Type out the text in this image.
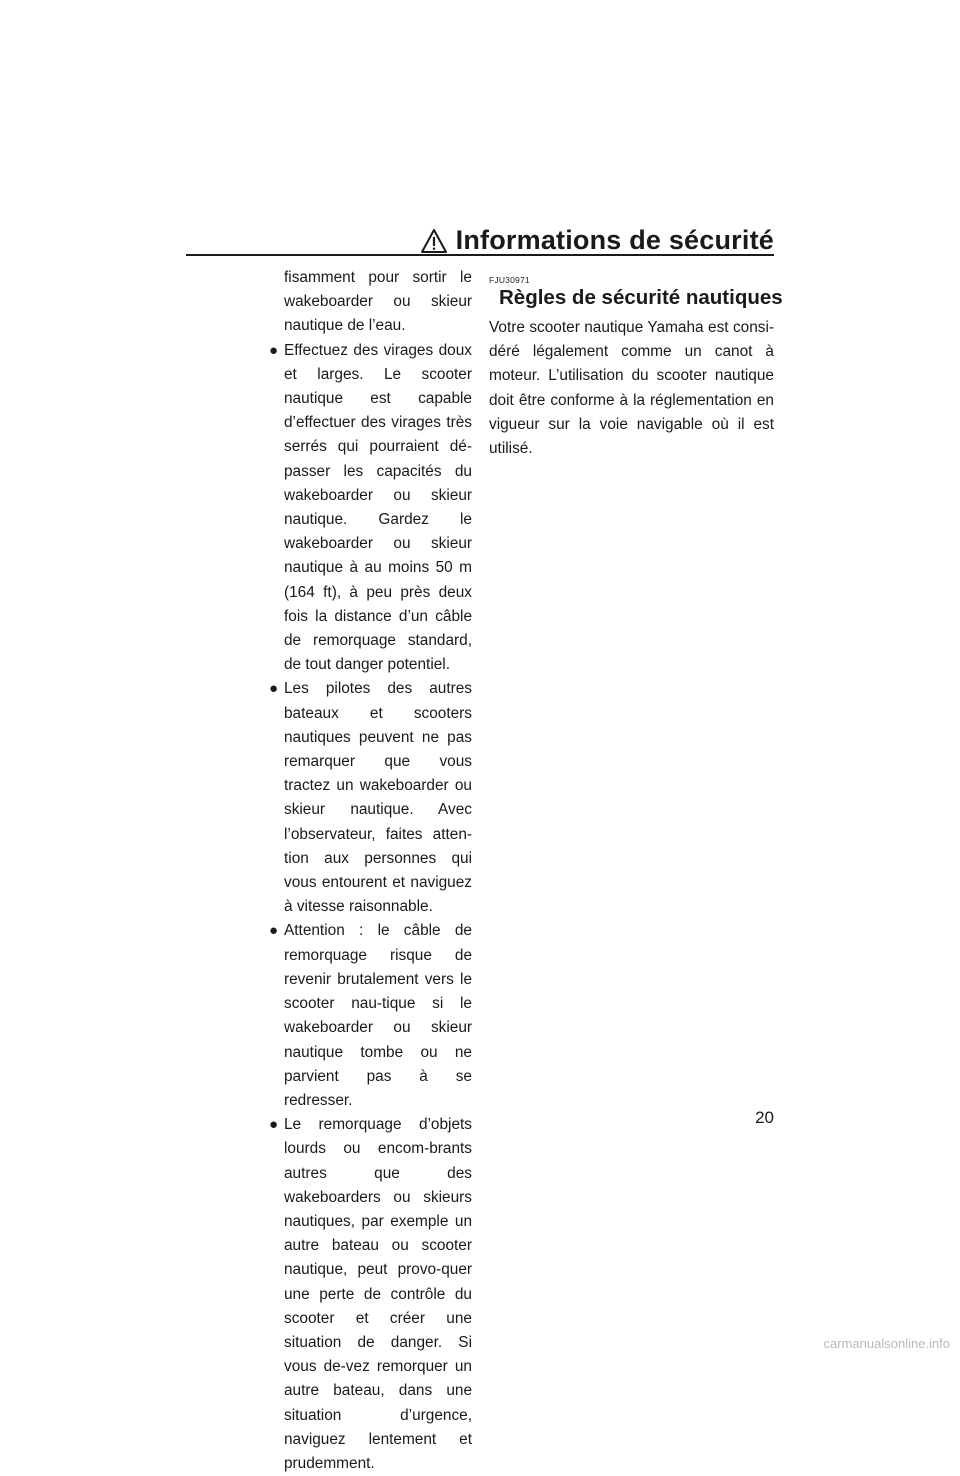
Informations de sécurité

fisamment pour sortir le wakeboarder ou skieur nautique de l’eau.

● Effectuez des virages doux et larges. Le scooter nautique est capable d’effectuer des virages très serrés qui pourraient dé-passer les capacités du wakeboarder ou skieur nautique. Gardez le wakeboarder ou skieur nautique à au moins 50 m (164 ft), à peu près deux fois la distance d’un câble de remorquage standard, de tout danger potentiel.
● Les pilotes des autres bateaux et scooters nautiques peuvent ne pas remarquer que vous tractez un wakeboarder ou skieur nautique. Avec l’observateur, faites atten-tion aux personnes qui vous entourent et naviguez à vitesse raisonnable.
● Attention : le câble de remorquage risque de revenir brutalement vers le scooter nau-tique si le wakeboarder ou skieur nautique tombe ou ne parvient pas à se redresser.
● Le remorquage d’objets lourds ou encom-brants autres que des wakeboarders ou skieurs nautiques, par exemple un autre bateau ou scooter nautique, peut provo-quer une perte de contrôle du scooter et créer une situation de danger. Si vous de-vez remorquer un autre bateau, dans une situation d’urgence, naviguez lentement et prudemment.
FJU30971
Règles de sécurité nautiques

Votre scooter nautique Yamaha est consi-déré légalement comme un canot à moteur. L’utilisation du scooter nautique doit être conforme à la réglementation en vigueur sur la voie navigable où il est utilisé.

20
carmanualsonline.info
